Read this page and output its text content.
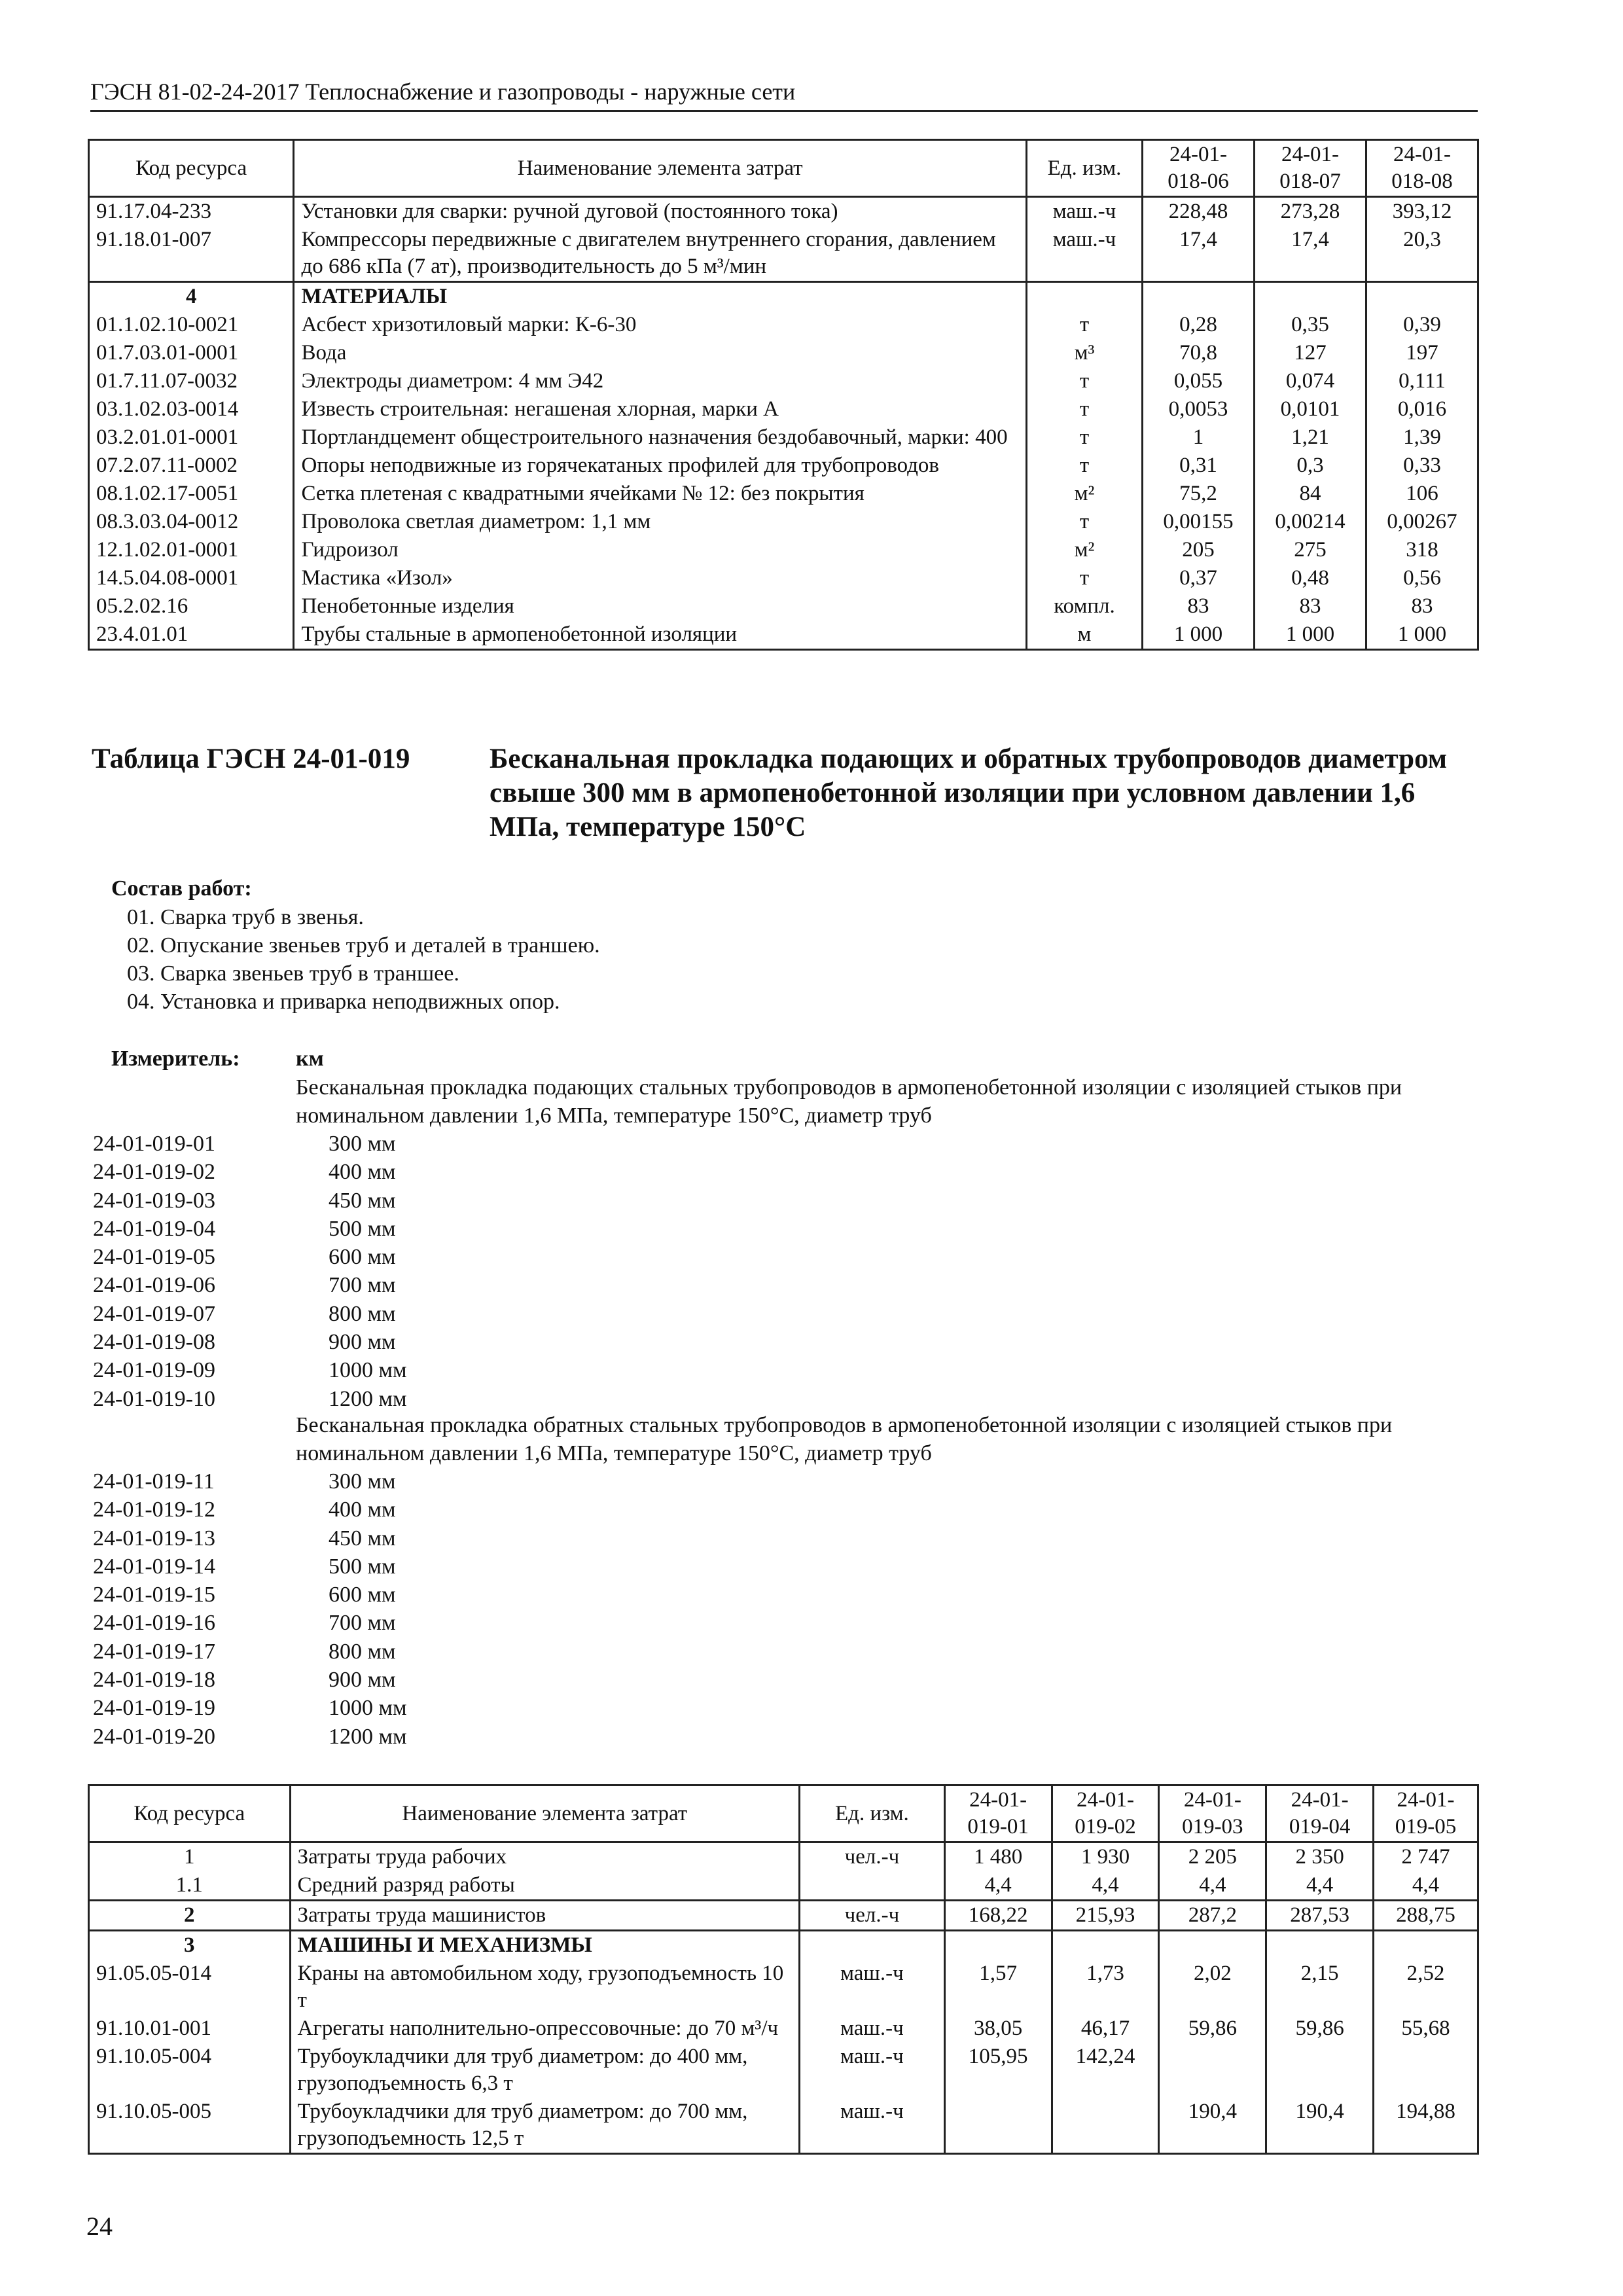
ГЭСН 81-02-24-2017 Теплоснабжение и газопроводы - наружные сети
Код ресурса	Наименование элемента затрат	Ед. изм.	24-01-018-06	24-01-018-07	24-01-018-08
91.17.04-233	Установки для сварки: ручной дуговой (постоянного тока)	маш.-ч	228,48	273,28	393,12
91.18.01-007	Компрессоры передвижные с двигателем внутреннего сгорания, давлением до 686 кПа (7 ат), производительность до 5 м³/мин	маш.-ч	17,4	17,4	20,3
4	МАТЕРИАЛЫ				
01.1.02.10-0021	Асбест хризотиловый марки: К-6-30	т	0,28	0,35	0,39
01.7.03.01-0001	Вода	м³	70,8	127	197
01.7.11.07-0032	Электроды диаметром: 4 мм Э42	т	0,055	0,074	0,111
03.1.02.03-0014	Известь строительная: негашеная хлорная, марки А	т	0,0053	0,0101	0,016
03.2.01.01-0001	Портландцемент общестроительного назначения бездобавочный, марки: 400	т	1	1,21	1,39
07.2.07.11-0002	Опоры неподвижные из горячекатаных профилей для трубопроводов	т	0,31	0,3	0,33
08.1.02.17-0051	Сетка плетеная с квадратными ячейками № 12: без покрытия	м²	75,2	84	106
08.3.03.04-0012	Проволока светлая диаметром: 1,1 мм	т	0,00155	0,00214	0,00267
12.1.02.01-0001	Гидроизол	м²	205	275	318
14.5.04.08-0001	Мастика «Изол»	т	0,37	0,48	0,56
05.2.02.16	Пенобетонные изделия	компл.	83	83	83
23.4.01.01	Трубы стальные в армопенобетонной изоляции	м	1 000	1 000	1 000
Таблица ГЭСН 24-01-019	Бесканальная прокладка подающих и обратных трубопроводов диаметром свыше 300 мм в армопенобетонной изоляции при условном давлении 1,6 МПа, температуре 150°С
Состав работ:
01. Сварка труб в звенья.
02. Опускание звеньев труб и деталей в траншею.
03. Сварка звеньев труб в траншее.
04. Установка и приварка неподвижных опор.
Измеритель:	км
Бесканальная прокладка подающих стальных трубопроводов в армопенобетонной изоляции с изоляцией стыков при номинальном давлении 1,6 МПа, температуре 150°С, диаметр труб
24-01-019-01	300 мм
24-01-019-02	400 мм
24-01-019-03	450 мм
24-01-019-04	500 мм
24-01-019-05	600 мм
24-01-019-06	700 мм
24-01-019-07	800 мм
24-01-019-08	900 мм
24-01-019-09	1000 мм
24-01-019-10	1200 мм
Бесканальная прокладка обратных стальных трубопроводов в армопенобетонной изоляции с изоляцией стыков при номинальном давлении 1,6 МПа, температуре 150°С, диаметр труб
24-01-019-11	300 мм
24-01-019-12	400 мм
24-01-019-13	450 мм
24-01-019-14	500 мм
24-01-019-15	600 мм
24-01-019-16	700 мм
24-01-019-17	800 мм
24-01-019-18	900 мм
24-01-019-19	1000 мм
24-01-019-20	1200 мм
Код ресурса	Наименование элемента затрат	Ед. изм.	24-01-019-01	24-01-019-02	24-01-019-03	24-01-019-04	24-01-019-05
1	Затраты труда рабочих	чел.-ч	1 480	1 930	2 205	2 350	2 747
1.1	Средний разряд работы		4,4	4,4	4,4	4,4	4,4
2	Затраты труда машинистов	чел.-ч	168,22	215,93	287,2	287,53	288,75
3	МАШИНЫ И МЕХАНИЗМЫ						
91.05.05-014	Краны на автомобильном ходу, грузоподъемность 10 т	маш.-ч	1,57	1,73	2,02	2,15	2,52
91.10.01-001	Агрегаты наполнительно-опрессовочные: до 70 м³/ч	маш.-ч	38,05	46,17	59,86	59,86	55,68
91.10.05-004	Трубоукладчики для труб диаметром: до 400 мм, грузоподъемность 6,3 т	маш.-ч	105,95	142,24			
91.10.05-005	Трубоукладчики для труб диаметром: до 700 мм, грузоподъемность 12,5 т	маш.-ч			190,4	190,4	194,88
24
